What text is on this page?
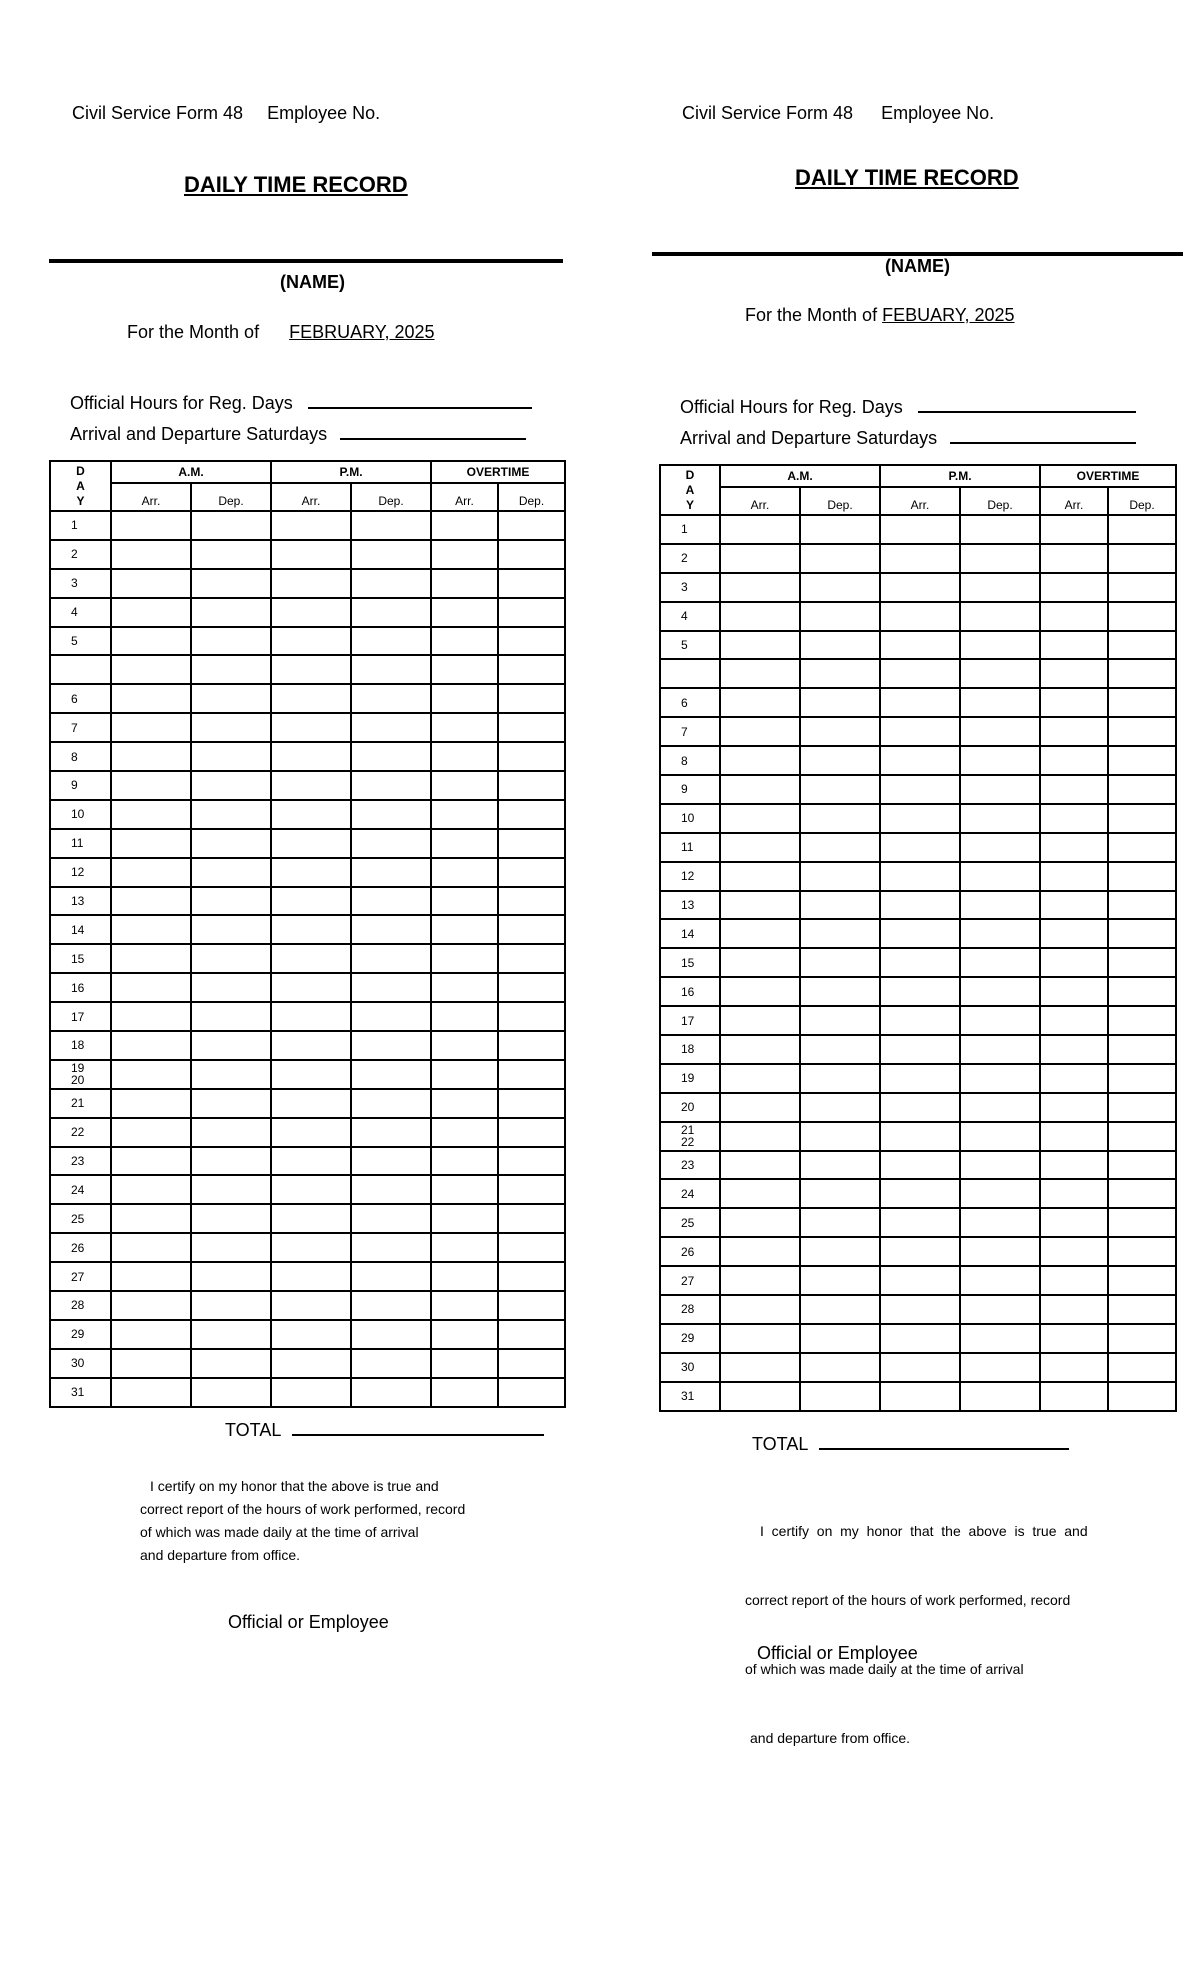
Civil Service Form 48 Employee No.
DAILY TIME RECORD
(NAME)
For the Month of FEBRUARY, 2025
Official Hours for Reg. Days
Arrival and Departure Saturdays
D
A
Y	A.M.		P.M.		OVERTIME	
	Arr.	Dep.	Arr.	Dep.	Arr.	Dep.
1						
2						
3						
4						
5						

6						
7						
8						
9						
10						
11						
12						
13						
14						
15						
16						
17						
18						
19
20						
21						
22						
23						
24						
25						
26						
27						
28						
29						
30						
31						
TOTAL
I certify on my honor that the above is true and
correct report of the hours of work performed, record
of which was made daily at the time of arrival
and departure from office.
Official or Employee
Civil Service Form 48 Employee No.
DAILY TIME RECORD
(NAME)
For the Month of FEBUARY, 2025
Official Hours for Reg. Days
Arrival and Departure Saturdays
D
A
Y	A.M.		P.M.		OVERTIME	
	Arr.	Dep.	Arr.	Dep.	Arr.	Dep.
1						
2						
3						
4						
5						

6						
7						
8						
9						
10						
11						
12						
13						
14						
15						
16						
17						
18						
19						
20						
21
22						
23						
24						
25						
26						
27						
28						
29						
30						
31						
TOTAL

I  certify  on  my  honor  that  the  above  is  true  and

correct report of the hours of work performed, record

of which was made daily at the time of arrival

and departure from office.

Official or Employee
